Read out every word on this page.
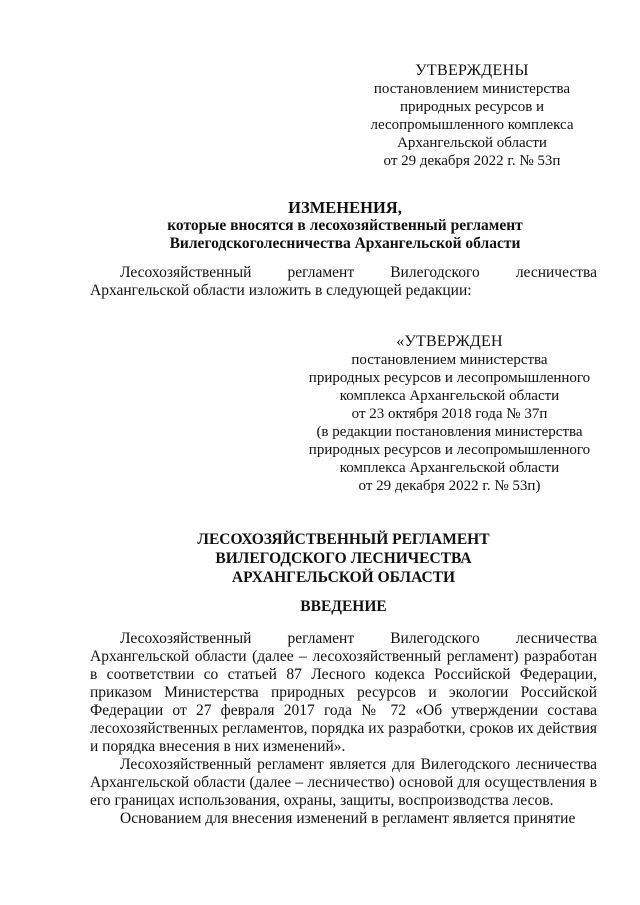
УТВЕРЖДЕНЫ
постановлением министерства
природных ресурсов и
лесопромышленного комплекса
Архангельской области
от 29 декабря 2022 г. № 53п
ИЗМЕНЕНИЯ,
которые вносятся в лесохозяйственный регламент
Вилегодскоголесничества Архангельской области

Лесохозяйственный регламент Вилегодского лесничества Архангельской области изложить в следующей редакции:

«УТВЕРЖДЕН
постановлением министерства
природных ресурсов и лесопромышленного
комплекса Архангельской области
от 23 октября 2018 года № 37п
(в редакции постановления министерства
природных ресурсов и лесопромышленного
комплекса Архангельской области
от 29 декабря 2022 г. № 53п)
ЛЕСОХОЗЯЙСТВЕННЫЙ РЕГЛАМЕНТ
ВИЛЕГОДСКОГО ЛЕСНИЧЕСТВА
АРХАНГЕЛЬСКОЙ ОБЛАСТИ
ВВЕДЕНИЕ

Лесохозяйственный регламент Вилегодского лесничества Архангельской области (далее – лесохозяйственный регламент) разработан в соответствии со статьей 87 Лесного кодекса Российской Федерации, приказом Министерства природных ресурсов и экологии Российской Федерации от 27 февраля 2017 года № 72 «Об утверждении состава лесохозяйственных регламентов, порядка их разработки, сроков их действия и порядка внесения в них изменений».

Лесохозяйственный регламент является для Вилегодского лесничества Архангельской области (далее – лесничество) основой для осуществления в его границах использования, охраны, защиты, воспроизводства лесов.

Основанием для внесения изменений в регламент является принятие
